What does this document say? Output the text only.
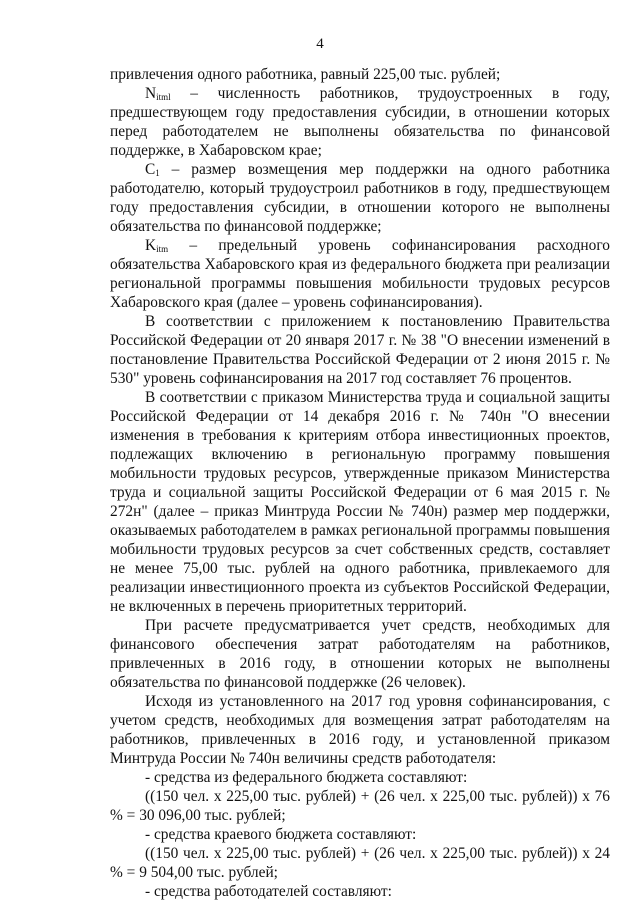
4

привлечения одного работника, равный 225,00 тыс. рублей;

$N_{itml}$ – численность работников, трудоустроенных в году, предшествующем году предоставления субсидии, в отношении которых перед работодателем не выполнены обязательства по финансовой поддержке, в Хабаровском крае;

$C_1$ – размер возмещения мер поддержки на одного работника работодателю, который трудоустроил работников в году, предшествующем году предоставления субсидии, в отношении которого не выполнены обязательства по финансовой поддержке;

$K_{itm}$ – предельный уровень софинансирования расходного обязательства Хабаровского края из федерального бюджета при реализации региональной программы повышения мобильности трудовых ресурсов Хабаровского края (далее – уровень софинансирования).

В соответствии с приложением к постановлению Правительства Российской Федерации от 20 января 2017 г. № 38 "О внесении изменений в постановление Правительства Российской Федерации от 2 июня 2015 г. № 530" уровень софинансирования на 2017 год составляет 76 процентов.

В соответствии с приказом Министерства труда и социальной защиты Российской Федерации от 14 декабря 2016 г. № 740н "О внесении изменения в требования к критериям отбора инвестиционных проектов, подлежащих включению в региональную программу повышения мобильности трудовых ресурсов, утвержденные приказом Министерства труда и социальной защиты Российской Федерации от 6 мая 2015 г. № 272н" (далее – приказ Минтруда России № 740н) размер мер поддержки, оказываемых работодателем в рамках региональной программы повышения мобильности трудовых ресурсов за счет собственных средств, составляет не менее 75,00 тыс. рублей на одного работника, привлекаемого для реализации инвестиционного проекта из субъектов Российской Федерации, не включенных в перечень приоритетных территорий.

При расчете предусматривается учет средств, необходимых для финансового обеспечения затрат работодателям на работников, привлеченных в 2016 году, в отношении которых не выполнены обязательства по финансовой поддержке (26 человек).

Исходя из установленного на 2017 год уровня софинансирования, с учетом средств, необходимых для возмещения затрат работодателям на работников, привлеченных в 2016 году, и установленной приказом Минтруда России № 740н величины средств работодателя:

- средства из федерального бюджета составляют:

((150 чел. х 225,00 тыс. рублей) + (26 чел. х 225,00 тыс. рублей)) х 76 % = 30 096,00 тыс. рублей;

- средства краевого бюджета составляют:

((150 чел. х 225,00 тыс. рублей) + (26 чел. х 225,00 тыс. рублей)) х 24 % = 9 504,00 тыс. рублей;

- средства работодателей составляют:
